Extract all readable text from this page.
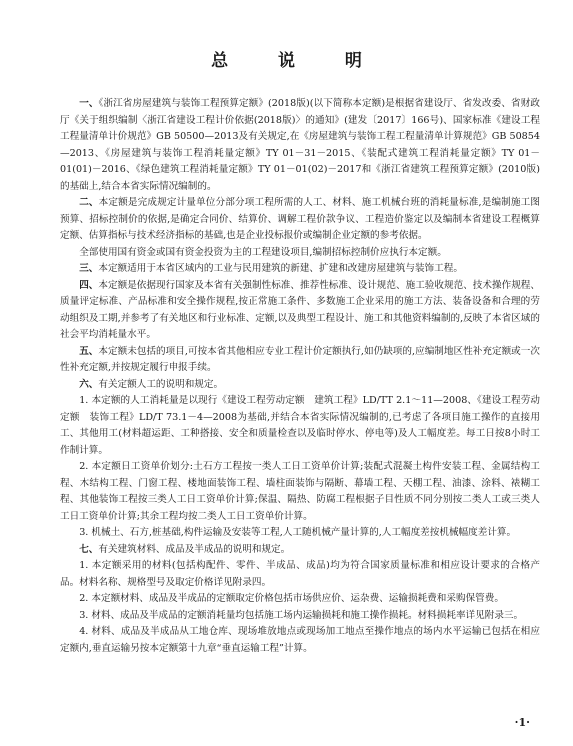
总 说 明

一、《浙江省房屋建筑与装饰工程预算定额》(2018版)(以下简称本定额)是根据省建设厅、省发改委、省财政厅《关于组织编制〈浙江省建设工程计价依据(2018版)〉的通知》(建发〔2017〕166号)、国家标准《建设工程工程量清单计价规范》GB 50500—2013及有关规定,在《房屋建筑与装饰工程工程量清单计算规范》GB 50854—2013、《房屋建筑与装饰工程消耗量定额》TY 01－31－2015、《装配式建筑工程消耗量定额》TY 01－01(01)－2016、《绿色建筑工程消耗量定额》TY 01－01(02)－2017和《浙江省建筑工程预算定额》(2010版)的基础上,结合本省实际情况编制的。

二、本定额是完成规定计量单位分部分项工程所需的人工、材料、施工机械台班的消耗量标准,是编制施工图预算、招标控制价的依据,是确定合同价、结算价、调解工程价款争议、工程造价鉴定以及编制本省建设工程概算定额、估算指标与技术经济指标的基础,也是企业投标报价或编制企业定额的参考依据。

全部使用国有资金或国有资金投资为主的工程建设项目,编制招标控制价应执行本定额。

三、本定额适用于本省区域内的工业与民用建筑的新建、扩建和改建房屋建筑与装饰工程。

四、本定额是依据现行国家及本省有关强制性标准、推荐性标准、设计规范、施工验收规范、技术操作规程、质量评定标准、产品标准和安全操作规程,按正常施工条件、多数施工企业采用的施工方法、装备设备和合理的劳动组织及工期,并参考了有关地区和行业标准、定额,以及典型工程设计、施工和其他资料编制的,反映了本省区域的社会平均消耗量水平。

五、本定额未包括的项目,可按本省其他相应专业工程计价定额执行,如仍缺项的,应编制地区性补充定额或一次性补充定额,并按规定履行申报手续。

六、有关定额人工的说明和规定。

1. 本定额的人工消耗量是以现行《建设工程劳动定额　建筑工程》LD/TT 2.1～11—2008、《建设工程劳动定额　装饰工程》LD/T 73.1－4—2008为基础,并结合本省实际情况编制的,已考虑了各项目施工操作的直接用工、其他用工(材料超运距、工种搭接、安全和质量检查以及临时停水、停电等)及人工幅度差。每工日按8小时工作制计算。

2. 本定额日工资单价划分:土石方工程按一类人工日工资单价计算;装配式混凝土构件安装工程、金属结构工程、木结构工程、门窗工程、楼地面装饰工程、墙柱面装饰与隔断、幕墙工程、天棚工程、油漆、涂料、裱糊工程、其他装饰工程按三类人工日工资单价计算;保温、隔热、防腐工程根据子目性质不同分别按二类人工或三类人工日工资单价计算;其余工程均按二类人工日工资单价计算。

3. 机械土、石方,桩基础,构件运输及安装等工程,人工随机械产量计算的,人工幅度差按机械幅度差计算。

七、有关建筑材料、成品及半成品的说明和规定。

1. 本定额采用的材料(包括构配件、零件、半成品、成品)均为符合国家质量标准和相应设计要求的合格产品。材料名称、规格型号及取定价格详见附录四。

2. 本定额材料、成品及半成品的定额取定价格包括市场供应价、运杂费、运输损耗费和采购保管费。

3. 材料、成品及半成品的定额消耗量均包括施工场内运输损耗和施工操作损耗。材料损耗率详见附录三。

4. 材料、成品及半成品从工地仓库、现场堆放地点或现场加工地点至操作地点的场内水平运输已包括在相应定额内,垂直运输另按本定额第十九章“垂直运输工程”计算。

·1·
